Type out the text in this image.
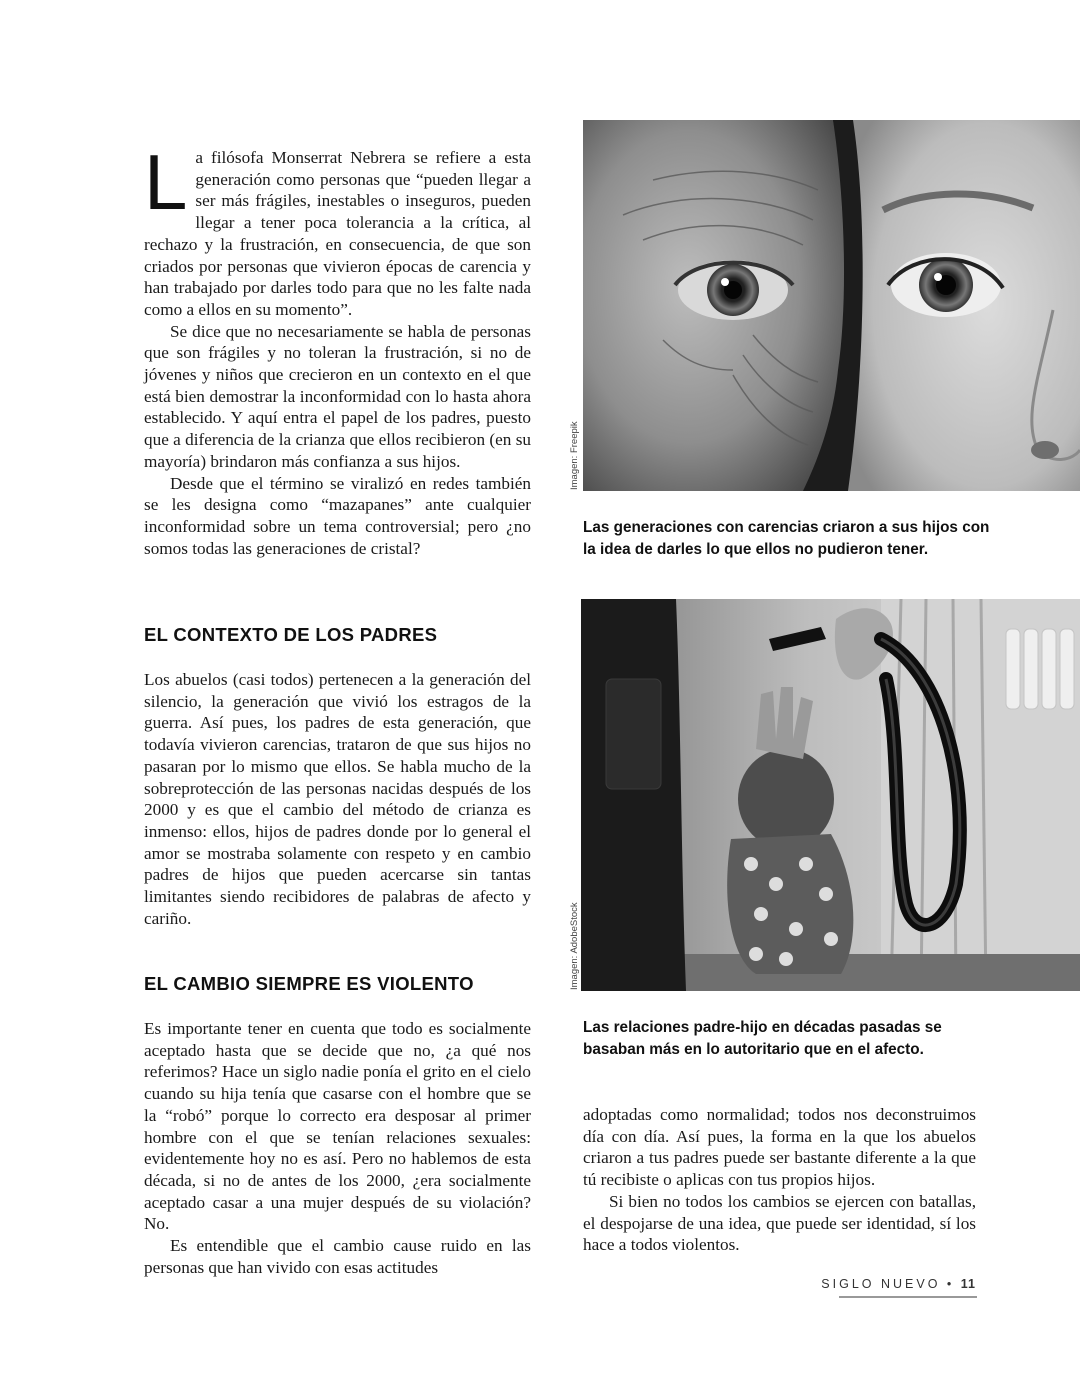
La filósofa Monserrat Nebrera se refiere a esta generación como personas que “pueden llegar a ser más frágiles, inestables o inseguros, pueden llegar a tener poca tolerancia a la crítica, al rechazo y la frustración, en consecuencia, de que son criados por personas que vivieron épocas de carencia y han trabajado por darles todo para que no les falte nada como a ellos en su momento”.

Se dice que no necesariamente se habla de personas que son frágiles y no toleran la frustración, si no de jóvenes y niños que crecieron en un contexto en el que está bien demostrar la inconformidad con lo hasta ahora establecido. Y aquí entra el papel de los padres, puesto que a diferencia de la crianza que ellos recibieron (en su mayoría) brindaron más confianza a sus hijos.

Desde que el término se viralizó en redes también se les designa como “mazapanes” ante cualquier inconformidad sobre un tema controversial; pero ¿no somos todas las generaciones de cristal?

EL CONTEXTO DE LOS PADRES

Los abuelos (casi todos) pertenecen a la generación del silencio, la generación que vivió los estragos de la guerra. Así pues, los padres de esta generación, que todavía vivieron carencias, trataron de que sus hijos no pasaran por lo mismo que ellos. Se habla mucho de la sobreprotección de las personas nacidas después de los 2000 y es que el cambio del método de crianza es inmenso: ellos, hijos de padres donde por lo general el amor se mostraba solamente con respeto y en cambio padres de hijos que pueden acercarse sin tantas limitantes siendo recibidores de palabras de afecto y cariño.

EL CAMBIO SIEMPRE ES VIOLENTO

Es importante tener en cuenta que todo es socialmente aceptado hasta que se decide que no, ¿a qué nos referimos? Hace un siglo nadie ponía el grito en el cielo cuando su hija tenía que casarse con el hombre que se la “robó” porque lo correcto era desposar al primer hombre con el que se tenían relaciones sexuales: evidentemente hoy no es así. Pero no hablemos de esta década, si no de antes de los 2000, ¿era socialmente aceptado casar a una mujer después de su violación? No.

Es entendible que el cambio cause ruido en las personas que han vivido con esas actitudes

Imagen: Freepik

Las generaciones con carencias criaron a sus hijos con la idea de darles lo que ellos no pudieron tener.

Imagen: AdobeStock

Las relaciones padre-hijo en décadas pasadas se basaban más en lo autoritario que en el afecto.

adoptadas como normalidad; todos nos deconstruimos día con día. Así pues, la forma en la que los abuelos criaron a tus padres puede ser bastante diferente a la que tú recibiste o aplicas con tus propios hijos.

Si bien no todos los cambios se ejercen con batallas, el despojarse de una idea, que puede ser identidad, sí los hace a todos violentos.

SIGLO NUEVO • 11
